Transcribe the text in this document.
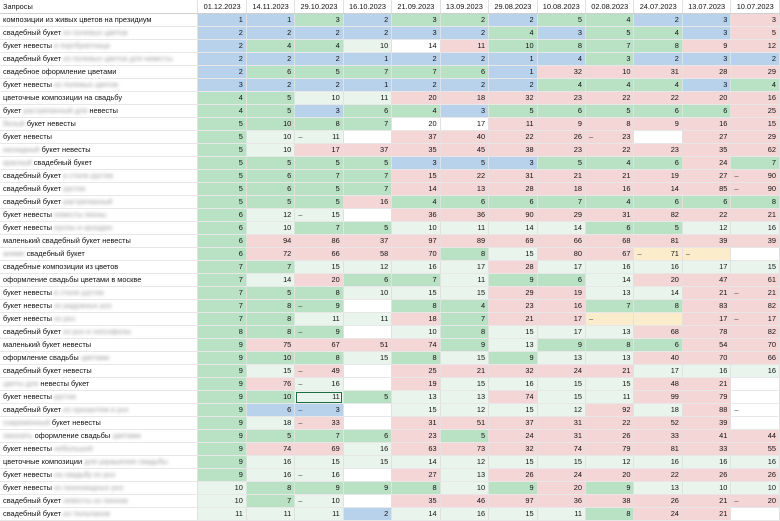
Запросы	01.12.2023	14.11.2023	29.10.2023	16.10.2023	21.09.2023	13.09.2023	29.08.2023	10.08.2023	02.08.2023	24.07.2023	13.07.2023	10.07.2023
композиции из живых цветов на президиум	1	1	3	2	3	2	2	5	4	2	3	3
свадебный букет из полевых цветов	2	2	2	2	3	2	4	3	5	4	3	5
букет невесты в портбукетнице	2	4	4	10	14	11	10	8	7	8	9	12
свадебный букет из полевых цветов для невесты	2	2	2	1	2	2	1	4	3	2	3	2
свадебное оформление цветами	2	6	5	7	7	6	1	32	10	31	28	29
букет невесты из полевых цветов	3	2	2	1	2	2	2	4	4	4	3	4
цветочные композиции на свадьбу	4	5	10	11	20	18	32	23	22	22	20	16
букет растрепанный для невесты	4	5	3	6	4	3	5	6	5	6	6	25
белый букет невесты	5	10	8	7	20	17	11	9	8	9	16	15
букет невесты	5	10	– 11		37	40	22	26	– 23		27	29
каскадный букет невесты	5	10	17	37	35	45	38	23	22	23	35	62
красный свадебный букет	5	5	5	5	3	5	3	5	4	6	24	7
свадебный букет в стиле рустик	5	6	7	7	15	22	31	21	21	19	27	– 90
свадебный букет рустик	5	6	5	7	14	13	28	18	16	14	85	– 90
свадебный букет растрепанный	5	5	5	16	4	6	6	7	4	6	6	8
букет невесты невесты пионы	6	12	– 15		36	36	90	29	31	82	22	21
букет невесты каллы и орхидеи	6	10	7	5	10	11	14	14	6	5	12	16
маленький свадебный букет невесты	6	94	86	37	97	89	69	66	68	81	39	39
аниме свадебный букет	6	72	66	58	70	8	15	80	67	– 71	–	

свадебные композиции из цветов	7	7	15	12	16	17	28	17	16	16	17	15
оформление свадьбы цветами в москве	7	14	20	6	7	11	9	6	14	20	47	61
букет невесты в стиле рустик	7	5	8	10	15	15	29	19	13	14	21	– 21
букет невесты из радужных роз	7	8	– 9		8	4	23	16	7	8	83	82
букет невесты из роз	7	8	11	11	18	7	21	17	–		17	– 17
свадебный букет из роз и гипсофилы	8	8	– 9		10	8	15	17	13	68	78	82
маленький букет невесты	9	75	67	51	74	9	13	9	8	6	54	70
оформление свадьбы цветами	9	10	8	15	8	15	9	13	13	40	70	66
свадебный букет невесты	9	15	– 49		25	21	32	24	21	17	16	16
цветы для невесты букет	9	76	– 16		19	15	16	15	15	48	21	
букет невесты рустик	9	10	11	5	13	13	74	15	11	99	79	
свадебный букет из хризантем и роз	9	6	– 3		15	12	15	12	92	18	88	–

современный букет невесты	9	18	– 33		31	51	37	31	22	52	39	
заказать оформление свадьбы цветами	9	5	7	6	23	5	24	31	26	33	41	44
букет невесты небольшой	9	74	69	16	63	73	32	74	79	81	33	55
цветочные композиции для украшения свадьбы	9	16	15	15	14	12	15	15	12	16	16	16
букет невесты на свадьбу из роз	9	16	– 16		27	13	26	24	20	22	26	26
букет невесты из пионовидных роз	10	8	9	9	8	10	9	20	9	13	10	10
свадебный букет невесты из пионов	10	7	– 10		35	46	97	36	38	26	21	– 20
свадебный букет из тюльпанов	11	11	11	2	14	16	15	11	8	24	21	
